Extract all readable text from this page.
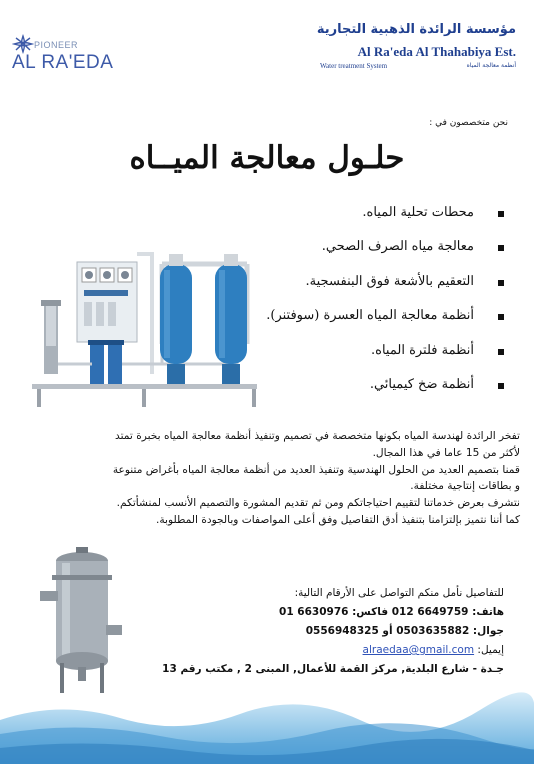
PIONEER
AL RA'EDA
مؤسسة الرائدة الذهبية التجارية
Al Ra'eda Al Thahabiya Est.
Water treatment System	أنظمة معالجة المياه
نحن متخصصون في :
حلـول معالجة الميــاه
محطات تحلية المياه.
معالجة مياه الصرف الصحي.
التعقيم بالأشعة فوق البنفسجية.
أنظمة معالجة المياه العسرة (سوفتنر).
أنظمة فلترة المياه.
أنظمة ضخ كيميائي.
تفخر الرائدة لهندسة المياه بكونها متخصصة في تصميم وتنفيذ أنظمة معالجة المياه بخبرة تمتد
لأكثر من 15 عاما في هذا المجال.
قمنا بتصميم العديد من الحلول الهندسية وتنفيذ العديد من أنظمة معالجة المياه بأغراض متنوعة
و بطاقات إنتاجية مختلفة.
نتشرف بعرض خدماتنا لتقييم احتياجاتكم ومن ثم تقديم المشورة والتصميم الأنسب لمنشأتكم.
كما أننا نتميز بإلتزامنا بتنفيذ أدق التفاصيل وفق أعلى المواصفات وبالجودة المطلوبة.
للتفاصيل نأمل منكم التواصل على الأرقام التالية:
هاتف: 6649759 012 فاكس: 6630976 01
جوال: 0503635882 أو 0556948325
إيميل: alraedaa@gmail.com
جـدة - شارع البلدية, مركز القمة للأعمال, المبنى 2 , مكتب رقم 13
